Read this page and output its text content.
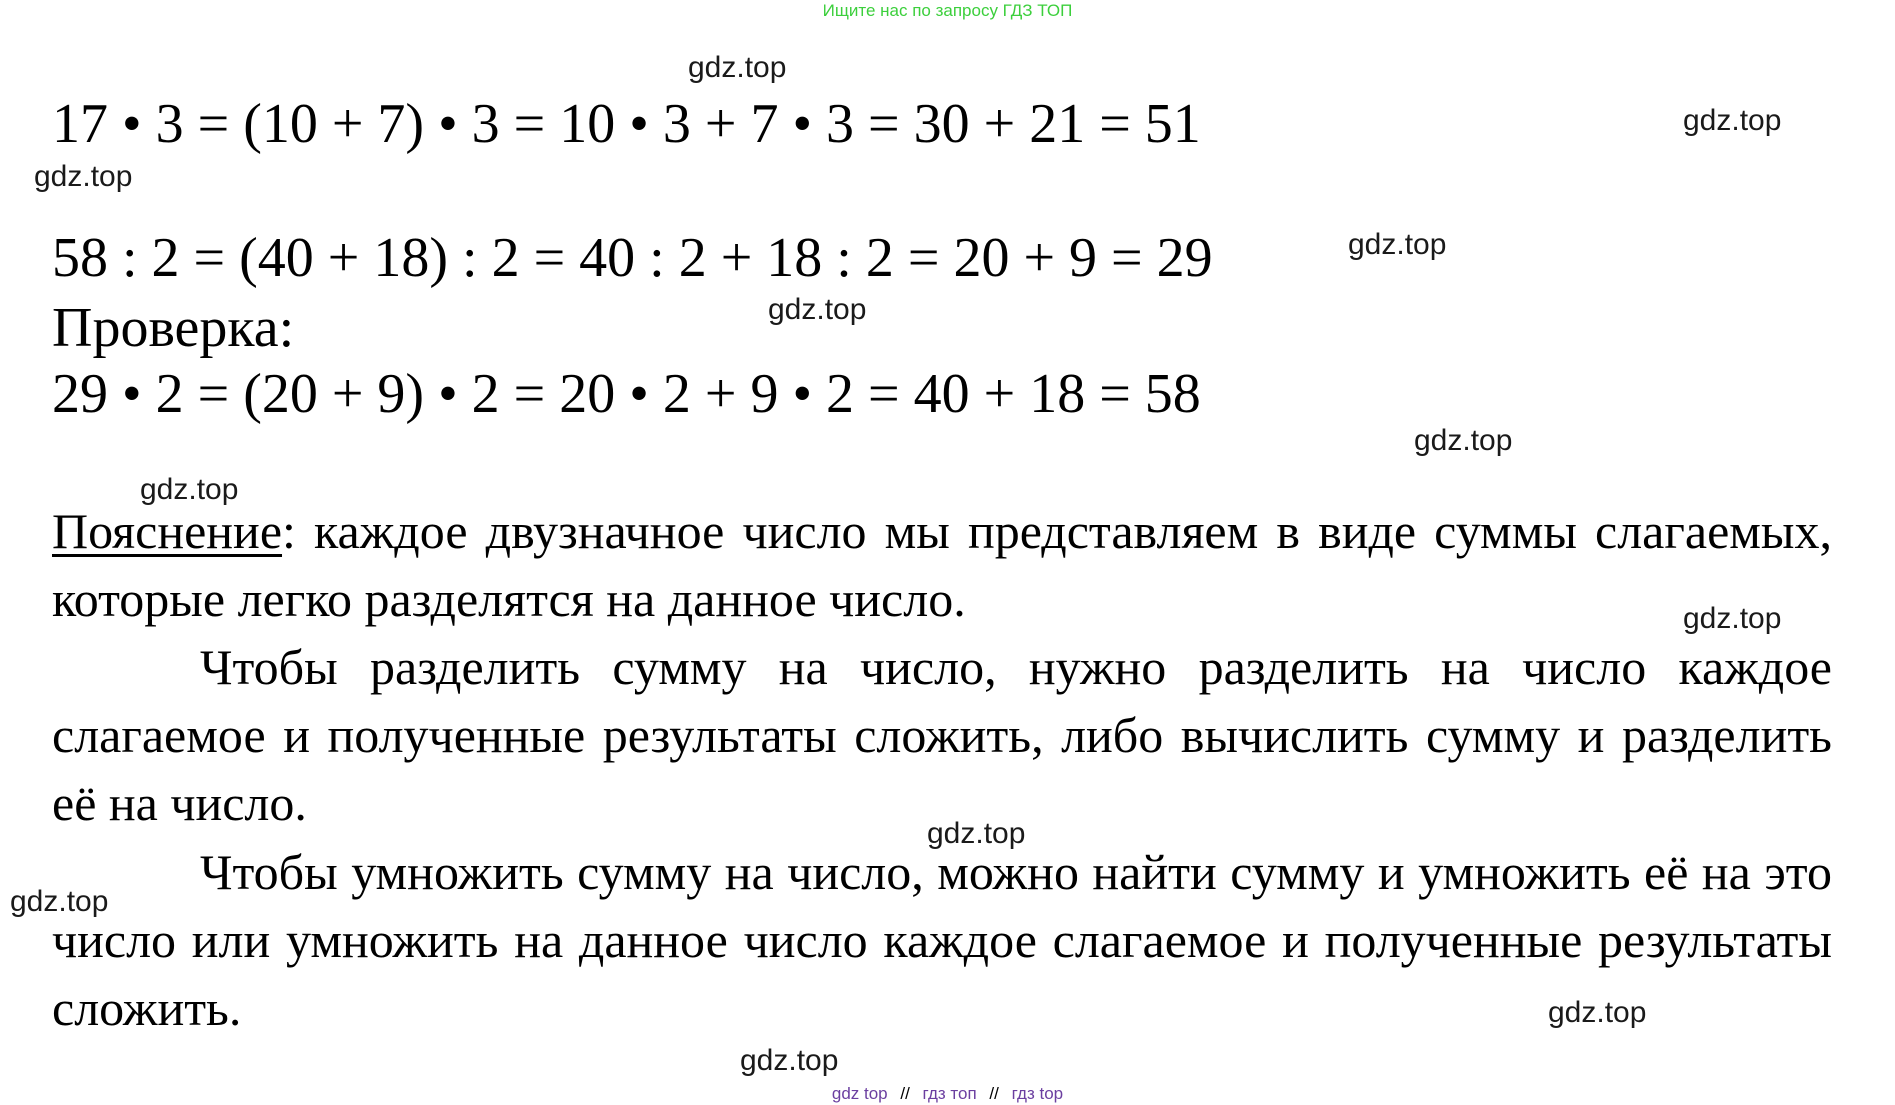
Ищите нас по запросу ГДЗ ТОП
17 • 3 = (10 + 7) • 3 = 10 • 3 + 7 • 3 = 30 + 21 = 51
58 : 2 = (40 + 18) : 2 = 40 : 2 + 18 : 2 = 20 + 9 = 29
Проверка:
29 • 2 = (20 + 9) • 2 = 20 • 2 + 9 • 2 = 40 + 18 = 58
Пояснение: каждое двузначное число мы представляем в виде суммы слагаемых, которые легко разделятся на данное число.
Чтобы разделить сумму на число, нужно разделить на число каждое слагаемое и полученные результаты сложить, либо вычислить сумму и разделить её на число.
Чтобы умножить сумму на число, можно найти сумму и умножить её на это число или умножить на данное число каждое слагаемое и полученные результаты сложить.
gdz.top
gdz.top
gdz.top
gdz.top
gdz.top
gdz.top
gdz.top
gdz.top
gdz.top
gdz.top
gdz.top
gdz.top
gdz top // гдз топ // гдз top
